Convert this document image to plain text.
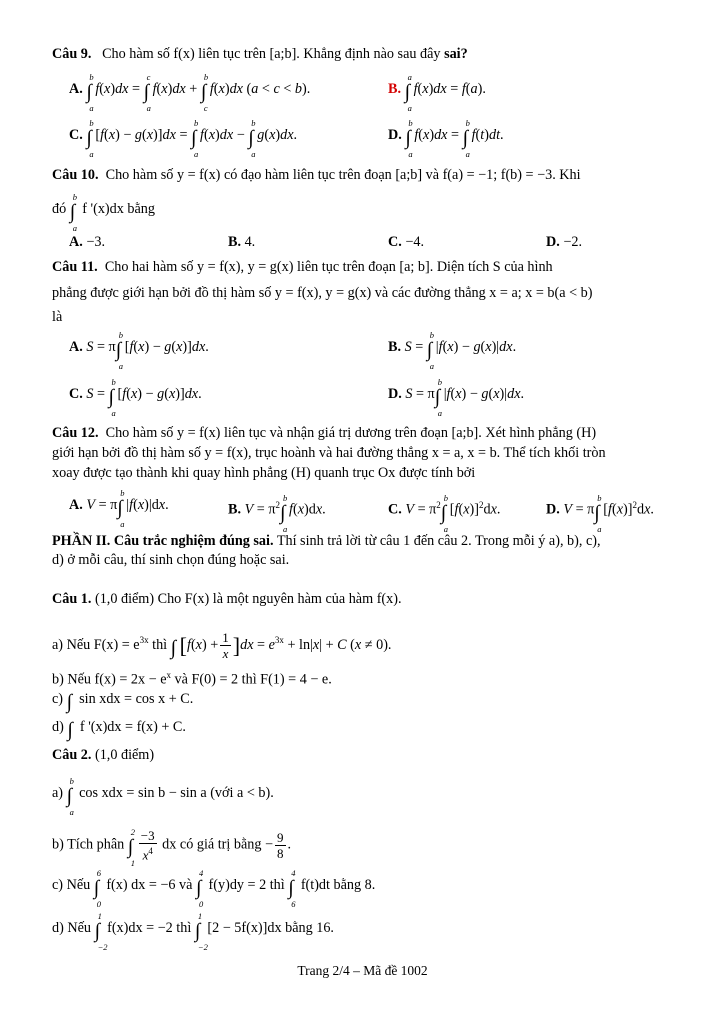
Câu 9. Cho hàm số f(x) liên tục trên [a;b]. Khẳng định nào sau đây sai?
A. ∫
b
a
f(x)dx = ∫
c
a
f(x)dx + ∫
b
c
f(x)dx (a < c < b).	B. ∫
a
a
f(x)dx = f(a).
C. ∫
b
a
[f(x) − g(x)]dx = ∫
b
a
f(x)dx − ∫
b
a
g(x)dx.	D. ∫
b
a
f(x)dx = ∫
b
a
f(t)dt.
Câu 10. Cho hàm số y = f(x) có đạo hàm liên tục trên đoạn [a;b] và f(a) = −1; f(b) = −3. Khi
đó ∫
b
a
f '(x)dx bằng
A. −3.	B. 4.	C. −4.	D. −2.
Câu 11. Cho hai hàm số y = f(x), y = g(x) liên tục trên đoạn [a; b]. Diện tích S của hình
phẳng được giới hạn bởi đồ thị hàm số y = f(x), y = g(x) và các đường thẳng x = a; x = b(a < b)
là
A. S = π∫
b
a
[f(x) − g(x)]dx.	B. S = ∫
b
a
|f(x) − g(x)|dx.
C. S = ∫
b
a
[f(x) − g(x)]dx.	D. S = π∫
b
a
|f(x) − g(x)|dx.
Câu 12. Cho hàm số y = f(x) liên tục và nhận giá trị dương trên đoạn [a;b]. Xét hình phẳng (H)
giới hạn bởi đồ thị hàm số y = f(x), trục hoành và hai đường thẳng x = a, x = b. Thể tích khối tròn
xoay được tạo thành khi quay hình phẳng (H) quanh trục Ox được tính bởi
A. V = π∫
b
a
|f(x)|dx.	B. $V = \pi^2\int$
b
a
f(x)dx.	C. $V = \pi^2\int$
b
a
$[f(x)]^2dx$.	D. V = π∫
b
a
$[f(x)]^2dx$.
PHẦN II. Câu trắc nghiệm đúng sai. Thí sinh trả lời từ câu 1 đến câu 2. Trong mỗi ý a), b), c),
d) ở mỗi câu, thí sinh chọn đúng hoặc sai.
Câu 1. (1,0 điểm) Cho F(x) là một nguyên hàm của hàm f(x).
a) Nếu $F(x) = e^{3x}$ thì ∫ $[f(x) + \frac{1}{x} ]dx = e^{3x} + \ln|x| + C$ (x ≠ 0).
b) Nếu $f(x) = 2x - e^x$ và F(0) = 2 thì F(1) = 4 − e.
c) ∫ sin xdx = cos x + C.
d) ∫ f '(x)dx = f(x) + C.
Câu 2. (1,0 điểm)
a) ∫
b
a
cos xdx = sin b − sin a (với a < b).
b) Tích phân ∫
2
1
$\frac{-3}{x^4}$ dx có giá trị bằng − $\frac{9}{8}$ .
c) Nếu ∫
6
0
f(x) dx = −6 và ∫
4
0
f(y)dy = 2 thì ∫
4
6
f(t)dt bằng 8.
d) Nếu ∫
1
−2
f(x)dx = −2 thì ∫
1
−2
[2 − 5f(x)]dx bằng 16.
Trang 2/4 – Mã đề 1002
